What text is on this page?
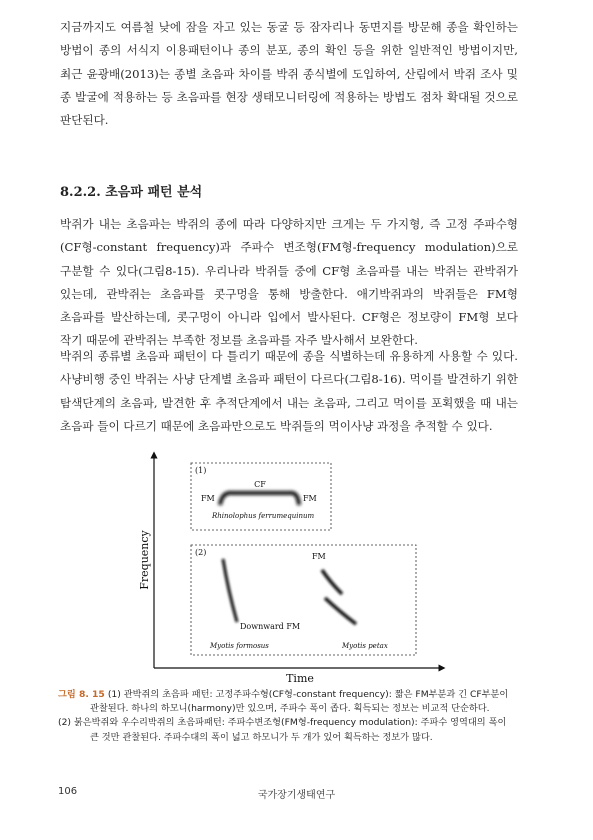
지금까지도 여름철 낮에 잠을 자고 있는 동굴 등 잠자리나 동면지를 방문해 종을 확인하는 방법이 종의 서식지 이용패턴이나 종의 분포, 종의 확인 등을 위한 일반적인 방법이지만, 최근 윤광배(2013)는 종별 초음파 차이를 박쥐 종식별에 도입하여, 산림에서 박쥐 조사 및 종 발굴에 적용하는 등 초음파를 현장 생태모니터링에 적용하는 방법도 점차 확대될 것으로 판단된다.

8.2.2. 초음파 패턴 분석

박쥐가 내는 초음파는 박쥐의 종에 따라 다양하지만 크게는 두 가지형, 즉 고정 주파수형(CF형-constant frequency)과 주파수 변조형(FM형-frequency modulation)으로 구분할 수 있다(그림8-15). 우리나라 박쥐들 중에 CF형 초음파를 내는 박쥐는 관박쥐가 있는데, 관박쥐는 초음파를 콧구멍을 통해 방출한다. 애기박쥐과의 박쥐들은 FM형 초음파를 발산하는데, 콧구멍이 아니라 입에서 발사된다. CF형은 정보량이 FM형 보다 작기 때문에 관박쥐는 부족한 정보를 초음파를 자주 발사해서 보완한다.

박쥐의 종류별 초음파 패턴이 다 틀리기 때문에 종을 식별하는데 유용하게 사용할 수 있다. 사냥비행 중인 박쥐는 사냥 단계별 초음파 패턴이 다르다(그림8-16). 먹이를 발견하기 위한 탐색단계의 초음파, 발견한 후 추적단계에서 내는 초음파, 그리고 먹이를 포획했을 때 내는 초음파 들이 다르기 때문에 초음파만으로도 박쥐들의 먹이사냥 과정을 추적할 수 있다.

Frequency
Time
(1)
CF
FM	FM
Rhinolophus ferrumequinum
(2)	FM
Downward FM
Myotis formosus	Myotis petax
그림 8. 15 (1) 관박쥐의 초음파 패턴: 고정주파수형(CF형-constant frequency): 짧은 FM부분과 긴 CF부분이
관찰된다. 하나의 하모니(harmony)만 있으며, 주파수 폭이 좁다. 획득되는 정보는 비교적 단순하다.
(2) 붉은박쥐와 우수리박쥐의 초음파패턴: 주파수변조형(FM형-frequency modulation): 주파수 영역대의 폭이
큰 것만 관찰된다. 주파수대의 폭이 넓고 하모니가 두 개가 있어 획득하는 정보가 많다.
국가장기생태연구
106
